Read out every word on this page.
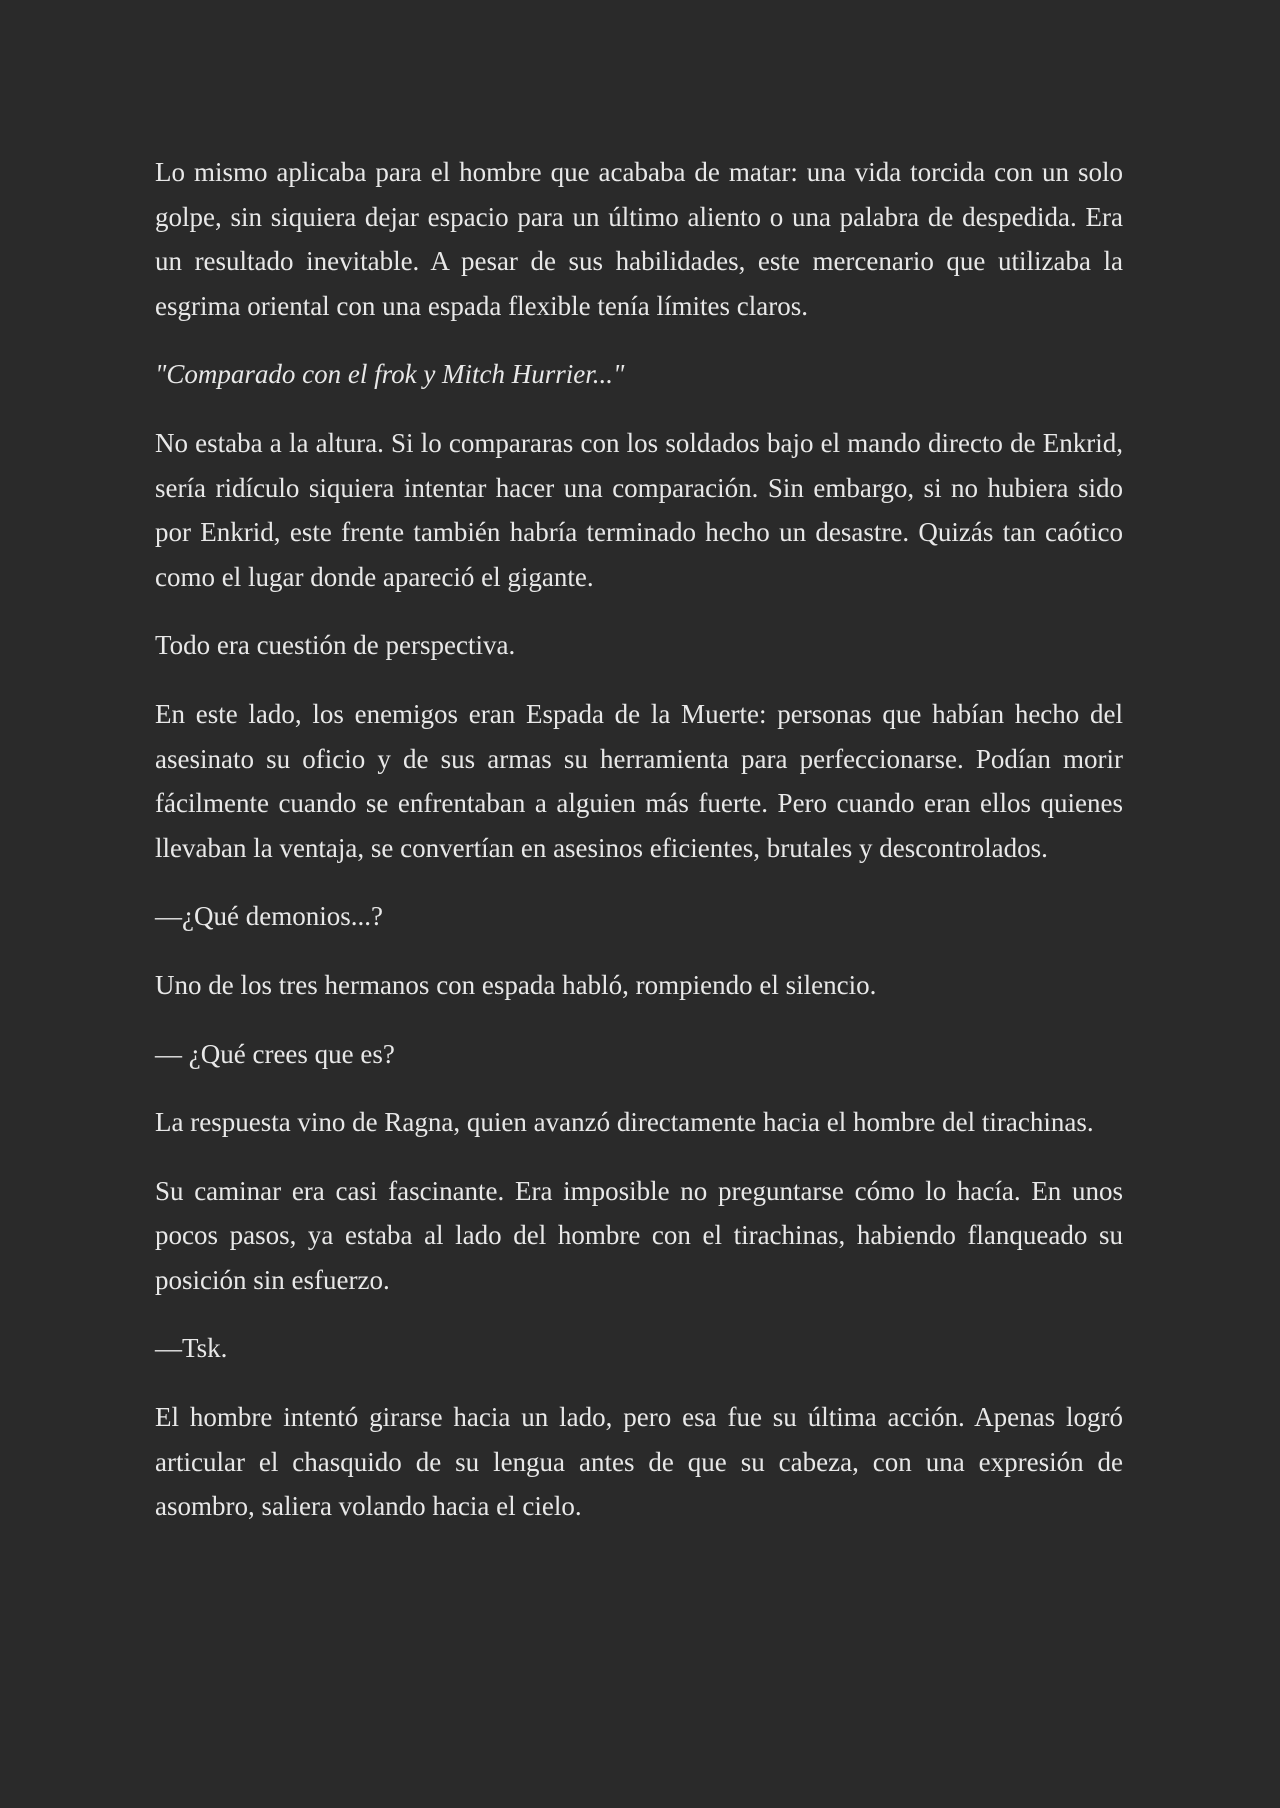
Lo mismo aplicaba para el hombre que acababa de matar: una vida torcida con un solo golpe, sin siquiera dejar espacio para un último aliento o una palabra de despedida. Era un resultado inevitable. A pesar de sus habilidades, este mercenario que utilizaba la esgrima oriental con una espada flexible tenía límites claros.

"Comparado con el frok y Mitch Hurrier..."

No estaba a la altura. Si lo compararas con los soldados bajo el mando directo de Enkrid, sería ridículo siquiera intentar hacer una comparación. Sin embargo, si no hubiera sido por Enkrid, este frente también habría terminado hecho un desastre. Quizás tan caótico como el lugar donde apareció el gigante.

Todo era cuestión de perspectiva.

En este lado, los enemigos eran Espada de la Muerte: personas que habían hecho del asesinato su oficio y de sus armas su herramienta para perfeccionarse. Podían morir fácilmente cuando se enfrentaban a alguien más fuerte. Pero cuando eran ellos quienes llevaban la ventaja, se convertían en asesinos eficientes, brutales y descontrolados.

—¿Qué demonios...?

Uno de los tres hermanos con espada habló, rompiendo el silencio.

— ¿Qué crees que es?

La respuesta vino de Ragna, quien avanzó directamente hacia el hombre del tirachinas.

Su caminar era casi fascinante. Era imposible no preguntarse cómo lo hacía. En unos pocos pasos, ya estaba al lado del hombre con el tirachinas, habiendo flanqueado su posición sin esfuerzo.

—Tsk.

El hombre intentó girarse hacia un lado, pero esa fue su última acción. Apenas logró articular el chasquido de su lengua antes de que su cabeza, con una expresión de asombro, saliera volando hacia el cielo.
